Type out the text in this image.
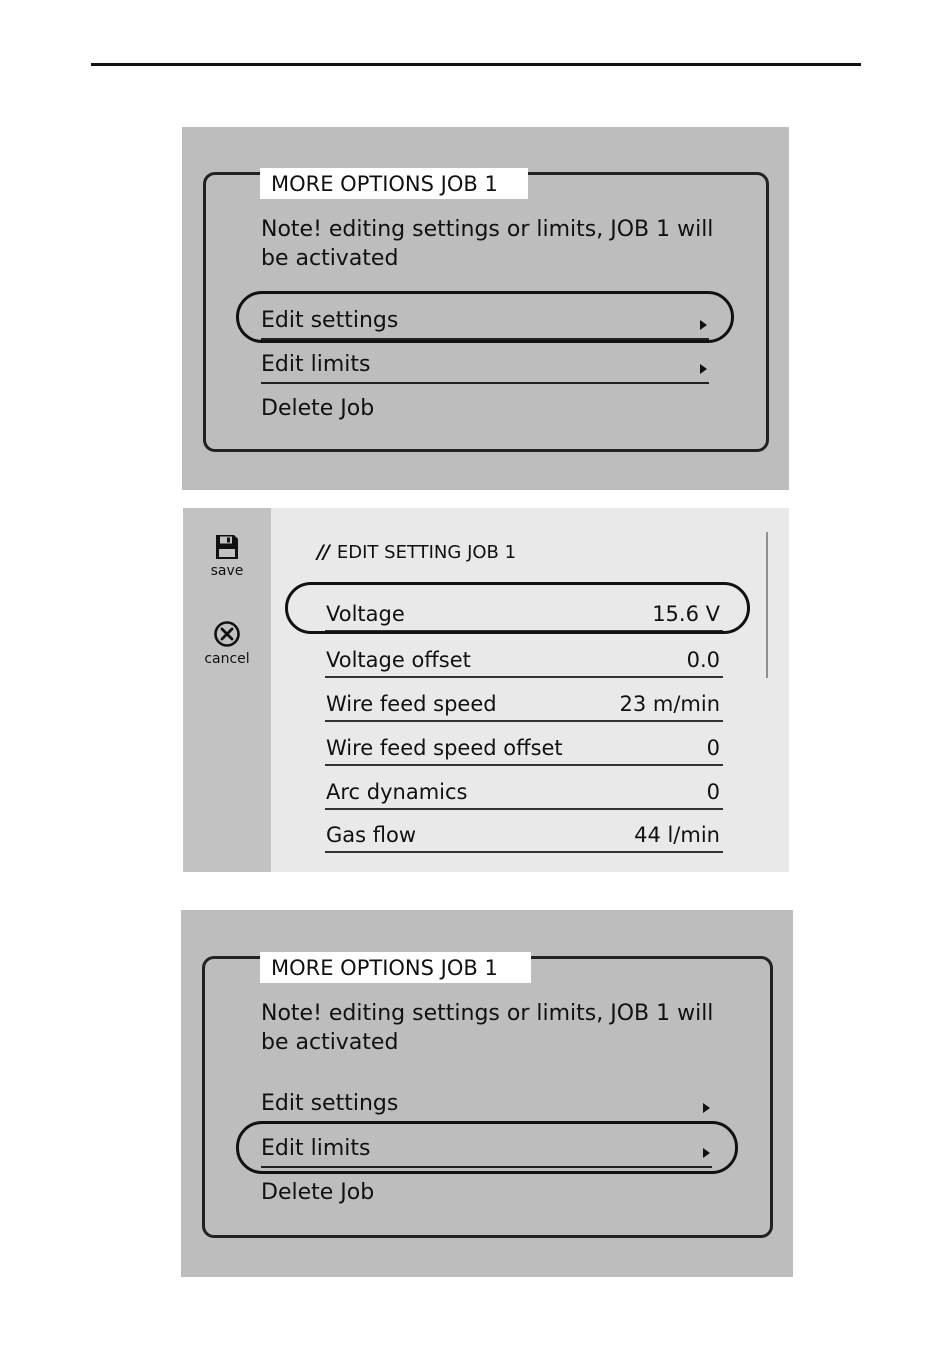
MORE OPTIONS JOB 1
Note! editing settings or limits, JOB 1 will
be activated
Edit settings
Edit limits
Delete Job
save
cancel
// EDIT SETTING JOB 1
Voltage	15.6 V
Voltage offset	0.0
Wire feed speed	23 m/min
Wire feed speed offset	0
Arc dynamics	0
Gas flow	44 l/min
MORE OPTIONS JOB 1
Note! editing settings or limits, JOB 1 will
be activated
Edit settings
Edit limits
Delete Job
